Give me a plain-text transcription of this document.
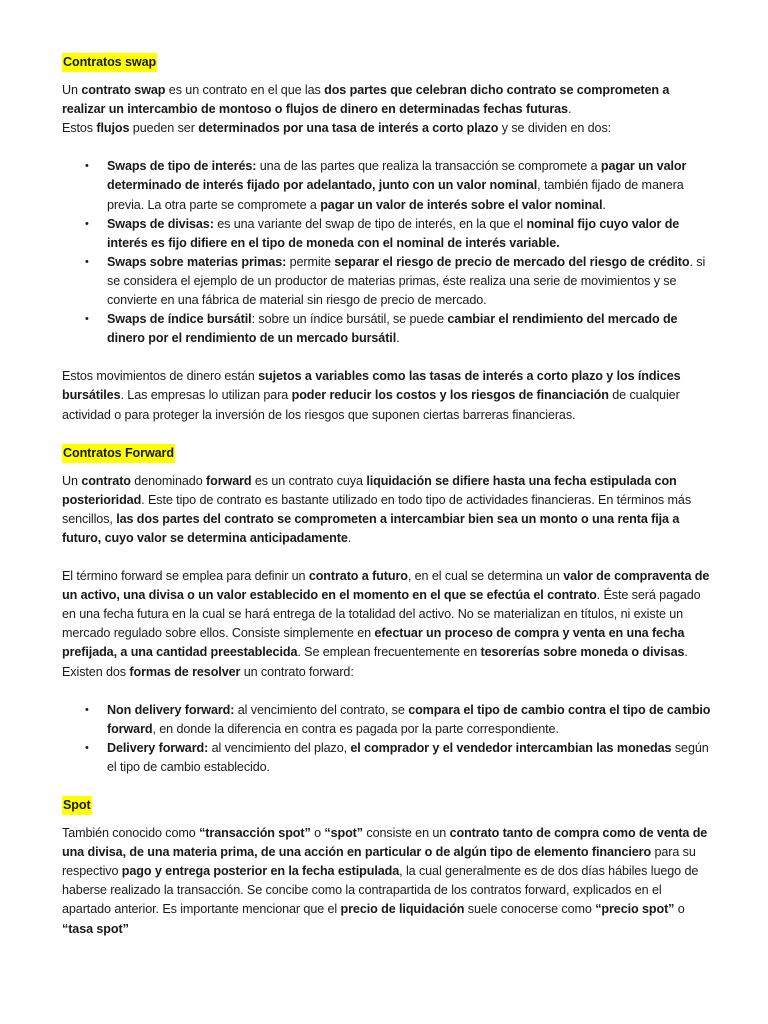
Contratos swap

Un contrato swap es un contrato en el que las dos partes que celebran dicho contrato se comprometen a realizar un intercambio de montoso o flujos de dinero en determinadas fechas futuras.

Estos flujos pueden ser determinados por una tasa de interés a corto plazo y se dividen en dos:

• Swaps de tipo de interés: una de las partes que realiza la transacción se compromete a pagar un valor determinado de interés fijado por adelantado, junto con un valor nominal, también fijado de manera previa. La otra parte se compromete a pagar un valor de interés sobre el valor nominal.
• Swaps de divisas: es una variante del swap de tipo de interés, en la que el nominal fijo cuyo valor de interés es fijo difiere en el tipo de moneda con el nominal de interés variable.
• Swaps sobre materias primas: permite separar el riesgo de precio de mercado del riesgo de crédito. si se considera el ejemplo de un productor de materias primas, éste realiza una serie de movimientos y se convierte en una fábrica de material sin riesgo de precio de mercado.
• Swaps de índice bursátil: sobre un índice bursátil, se puede cambiar el rendimiento del mercado de dinero por el rendimiento de un mercado bursátil.

Estos movimientos de dinero están sujetos a variables como las tasas de interés a corto plazo y los índices bursátiles. Las empresas lo utilizan para poder reducir los costos y los riesgos de financiación de cualquier actividad o para proteger la inversión de los riesgos que suponen ciertas barreras financieras.

Contratos Forward

Un contrato denominado forward es un contrato cuya liquidación se difiere hasta una fecha estipulada con posterioridad. Este tipo de contrato es bastante utilizado en todo tipo de actividades financieras. En términos más sencillos, las dos partes del contrato se comprometen a intercambiar bien sea un monto o una renta fija a futuro, cuyo valor se determina anticipadamente.

El término forward se emplea para definir un contrato a futuro, en el cual se determina un valor de compraventa de un activo, una divisa o un valor establecido en el momento en el que se efectúa el contrato. Éste será pagado en una fecha futura en la cual se hará entrega de la totalidad del activo. No se materializan en títulos, ni existe un mercado regulado sobre ellos. Consiste simplemente en efectuar un proceso de compra y venta en una fecha prefijada, a una cantidad preestablecida. Se emplean frecuentemente en tesorerías sobre moneda o divisas. Existen dos formas de resolver un contrato forward:

• Non delivery forward: al vencimiento del contrato, se compara el tipo de cambio contra el tipo de cambio forward, en donde la diferencia en contra es pagada por la parte correspondiente.
• Delivery forward: al vencimiento del plazo, el comprador y el vendedor intercambian las monedas según el tipo de cambio establecido.
Spot

También conocido como “transacción spot” o “spot” consiste en un contrato tanto de compra como de venta de una divisa, de una materia prima, de una acción en particular o de algún tipo de elemento financiero para su respectivo pago y entrega posterior en la fecha estipulada, la cual generalmente es de dos días hábiles luego de haberse realizado la transacción. Se concibe como la contrapartida de los contratos forward, explicados en el apartado anterior. Es importante mencionar que el precio de liquidación suele conocerse como “precio spot” o “tasa spot”
